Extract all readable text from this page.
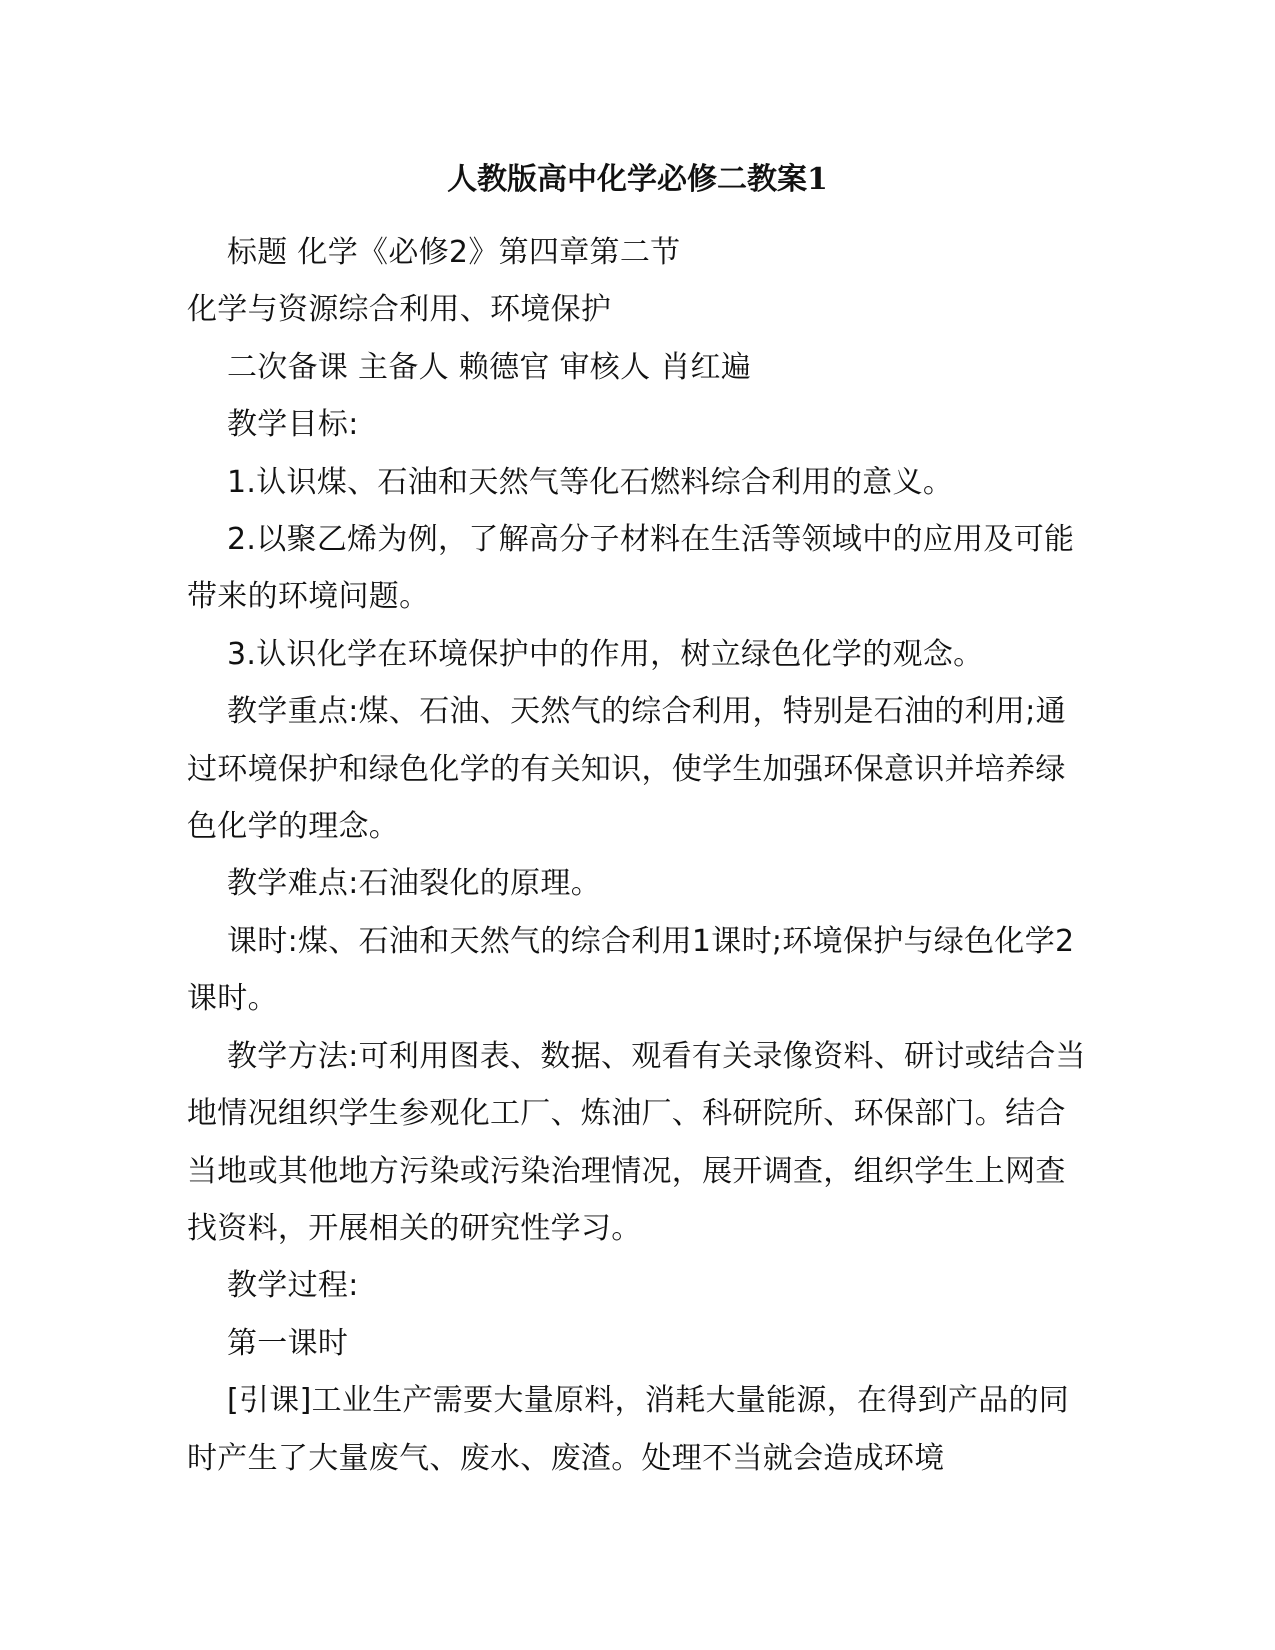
人教版高中化学必修二教案1

标题 化学《必修2》第四章第二节

化学与资源综合利用、环境保护

二次备课 主备人 赖德官 审核人 肖红遍

教学目标:

1.认识煤、石油和天然气等化石燃料综合利用的意义。

2.以聚乙烯为例，了解高分子材料在生活等领域中的应用及可能带来的环境问题。

3.认识化学在环境保护中的作用，树立绿色化学的观念。

教学重点:煤、石油、天然气的综合利用，特别是石油的利用;通过环境保护和绿色化学的有关知识，使学生加强环保意识并培养绿色化学的理念。

教学难点:石油裂化的原理。

课时:煤、石油和天然气的综合利用1课时;环境保护与绿色化学2课时。

教学方法:可利用图表、数据、观看有关录像资料、研讨或结合当地情况组织学生参观化工厂、炼油厂、科研院所、环保部门。结合当地或其他地方污染或污染治理情况，展开调查，组织学生上网查找资料，开展相关的研究性学习。

教学过程:

第一课时

[引课]工业生产需要大量原料，消耗大量能源，在得到产品的同时产生了大量废气、废水、废渣。处理不当就会造成环境
